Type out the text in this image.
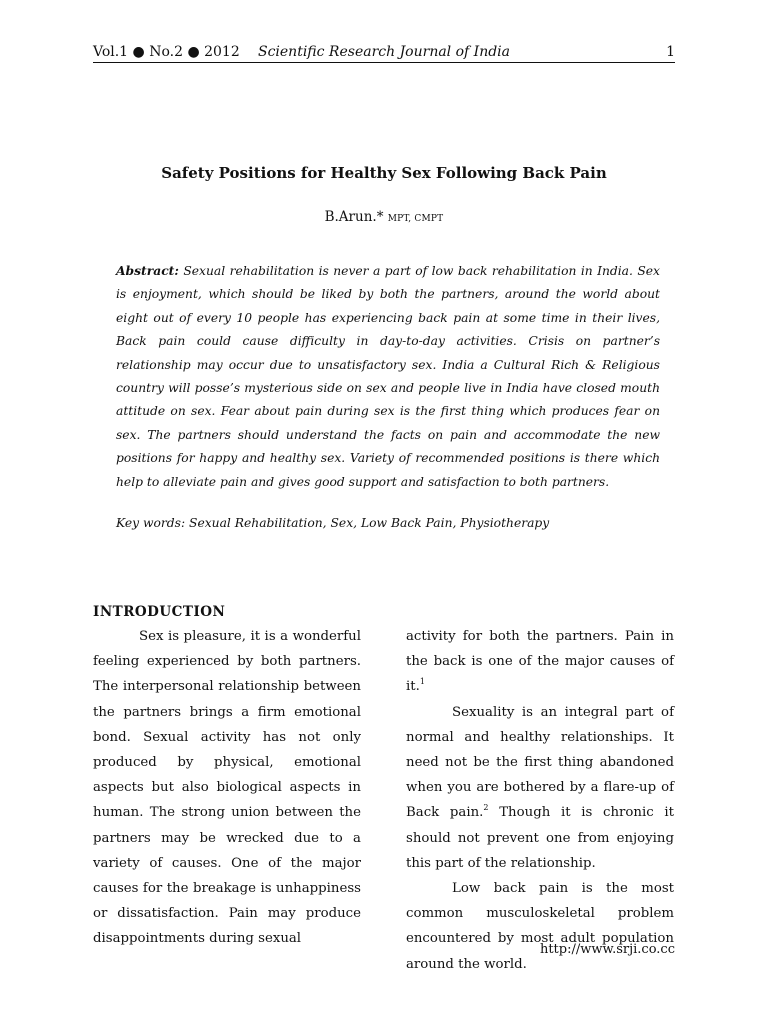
Vol.1 ● No.2 ● 2012	Scientific Research Journal of India	1
Safety Positions for Healthy Sex Following Back Pain
B.Arun.* MPT, CMPT
Abstract: Sexual rehabilitation is never a part of low back rehabilitation in India. Sex is enjoyment, which should be liked by both the partners, around the world about eight out of every 10 people has experiencing back pain at some time in their lives, Back pain could cause difficulty in day-to-day activities. Crisis on partner’s relationship may occur due to unsatisfactory sex. India a Cultural Rich & Religious country will posse’s mysterious side on sex and people live in India have closed mouth attitude on sex. Fear about pain during sex is the first thing which produces fear on sex. The partners should understand the facts on pain and accommodate the new positions for happy and healthy sex. Variety of recommended positions is there which help to alleviate pain and gives good support and satisfaction to both partners.
Key words: Sexual Rehabilitation, Sex, Low Back Pain, Physiotherapy
INTRODUCTION

Sex is pleasure, it is a wonderful feeling experienced by both partners. The interpersonal relationship between the partners brings a firm emotional bond. Sexual activity has not only produced by physical, emotional aspects but also biological aspects in human. The strong union between the partners may be wrecked due to a variety of causes. One of the major causes for the breakage is unhappiness or dissatisfaction. Pain may produce disappointments during sexual

activity for both the partners. Pain in the back is one of the major causes of it.$^1$

Sexuality is an integral part of normal and healthy relationships. It need not be the first thing abandoned when you are bothered by a flare-up of Back pain.$^2$ Though it is chronic it should not prevent one from enjoying this part of the relationship.

Low back pain is the most common musculoskeletal problem encountered by most adult population around the world.

http://www.srji.co.cc
